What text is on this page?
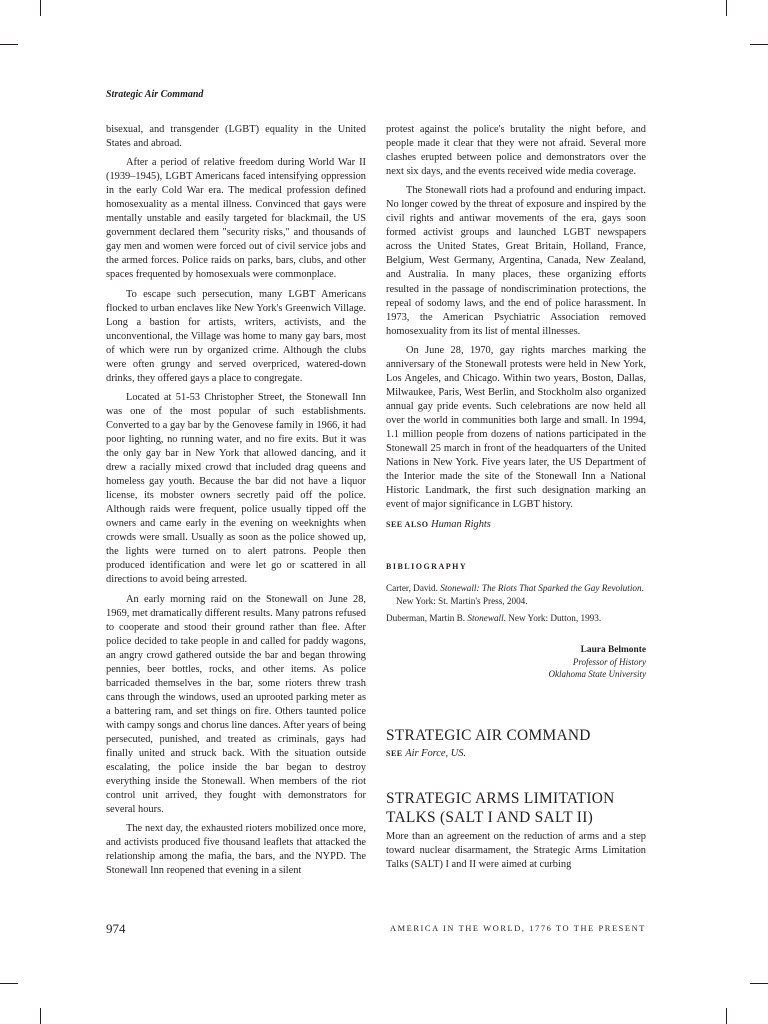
Strategic Air Command

bisexual, and transgender (LGBT) equality in the United States and abroad.

After a period of relative freedom during World War II (1939–1945), LGBT Americans faced intensifying oppression in the early Cold War era. The medical profession defined homosexuality as a mental illness. Convinced that gays were mentally unstable and easily targeted for blackmail, the US government declared them "security risks," and thousands of gay men and women were forced out of civil service jobs and the armed forces. Police raids on parks, bars, clubs, and other spaces frequented by homosexuals were commonplace.

To escape such persecution, many LGBT Americans flocked to urban enclaves like New York's Greenwich Village. Long a bastion for artists, writers, activists, and the unconventional, the Village was home to many gay bars, most of which were run by organized crime. Although the clubs were often grungy and served overpriced, watered-down drinks, they offered gays a place to congregate.

Located at 51-53 Christopher Street, the Stonewall Inn was one of the most popular of such establishments. Converted to a gay bar by the Genovese family in 1966, it had poor lighting, no running water, and no fire exits. But it was the only gay bar in New York that allowed dancing, and it drew a racially mixed crowd that included drag queens and homeless gay youth. Because the bar did not have a liquor license, its mobster owners secretly paid off the police. Although raids were frequent, police usually tipped off the owners and came early in the evening on weeknights when crowds were small. Usually as soon as the police showed up, the lights were turned on to alert patrons. People then produced identification and were let go or scattered in all directions to avoid being arrested.

An early morning raid on the Stonewall on June 28, 1969, met dramatically different results. Many patrons refused to cooperate and stood their ground rather than flee. After police decided to take people in and called for paddy wagons, an angry crowd gathered outside the bar and began throwing pennies, beer bottles, rocks, and other items. As police barricaded themselves in the bar, some rioters threw trash cans through the windows, used an uprooted parking meter as a battering ram, and set things on fire. Others taunted police with campy songs and chorus line dances. After years of being persecuted, punished, and treated as criminals, gays had finally united and struck back. With the situation outside escalating, the police inside the bar began to destroy everything inside the Stonewall. When members of the riot control unit arrived, they fought with demonstrators for several hours.

The next day, the exhausted rioters mobilized once more, and activists produced five thousand leaflets that attacked the relationship among the mafia, the bars, and the NYPD. The Stonewall Inn reopened that evening in a silent

protest against the police's brutality the night before, and people made it clear that they were not afraid. Several more clashes erupted between police and demonstrators over the next six days, and the events received wide media coverage.

The Stonewall riots had a profound and enduring impact. No longer cowed by the threat of exposure and inspired by the civil rights and antiwar movements of the era, gays soon formed activist groups and launched LGBT newspapers across the United States, Great Britain, Holland, France, Belgium, West Germany, Argentina, Canada, New Zealand, and Australia. In many places, these organizing efforts resulted in the passage of nondiscrimination protections, the repeal of sodomy laws, and the end of police harassment. In 1973, the American Psychiatric Association removed homosexuality from its list of mental illnesses.

On June 28, 1970, gay rights marches marking the anniversary of the Stonewall protests were held in New York, Los Angeles, and Chicago. Within two years, Boston, Dallas, Milwaukee, Paris, West Berlin, and Stockholm also organized annual gay pride events. Such celebrations are now held all over the world in communities both large and small. In 1994, 1.1 million people from dozens of nations participated in the Stonewall 25 march in front of the headquarters of the United Nations in New York. Five years later, the US Department of the Interior made the site of the Stonewall Inn a National Historic Landmark, the first such designation marking an event of major significance in LGBT history.

SEE ALSO Human Rights
BIBLIOGRAPHY
Carter, David. Stonewall: The Riots That Sparked the Gay Revolution. New York: St. Martin's Press, 2004.
Duberman, Martin B. Stonewall. New York: Dutton, 1993.
Laura Belmonte
Professor of History
Oklahoma State University
STRATEGIC AIR COMMAND
SEE Air Force, US.
STRATEGIC ARMS LIMITATION
TALKS (SALT I AND SALT II)

More than an agreement on the reduction of arms and a step toward nuclear disarmament, the Strategic Arms Limitation Talks (SALT) I and II were aimed at curbing

974	AMERICA IN THE WORLD, 1776 TO THE PRESENT
